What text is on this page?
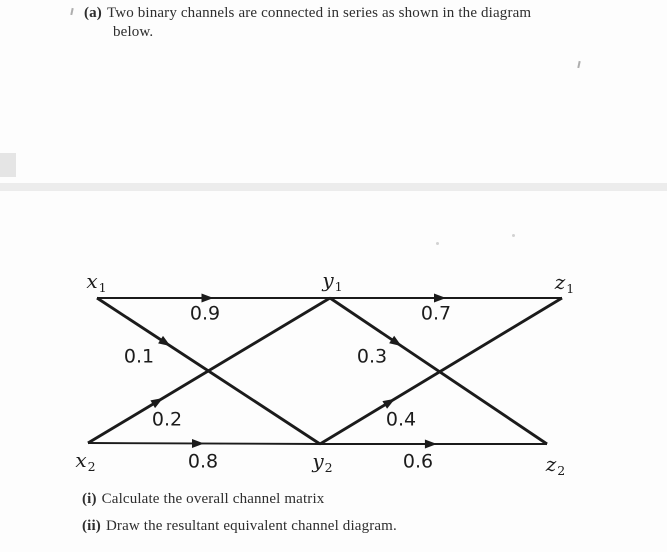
(a) Two binary channels are connected in series as shown in the diagram

below.

0.9
0.1
0.2
0.8
0.7
0.3
0.4
0.6
$x_1$
$x_2$
$y_1$
$y_2$
$z_1$
$z_2$

(i) Calculate the overall channel matrix

(ii) Draw the resultant equivalent channel diagram.
